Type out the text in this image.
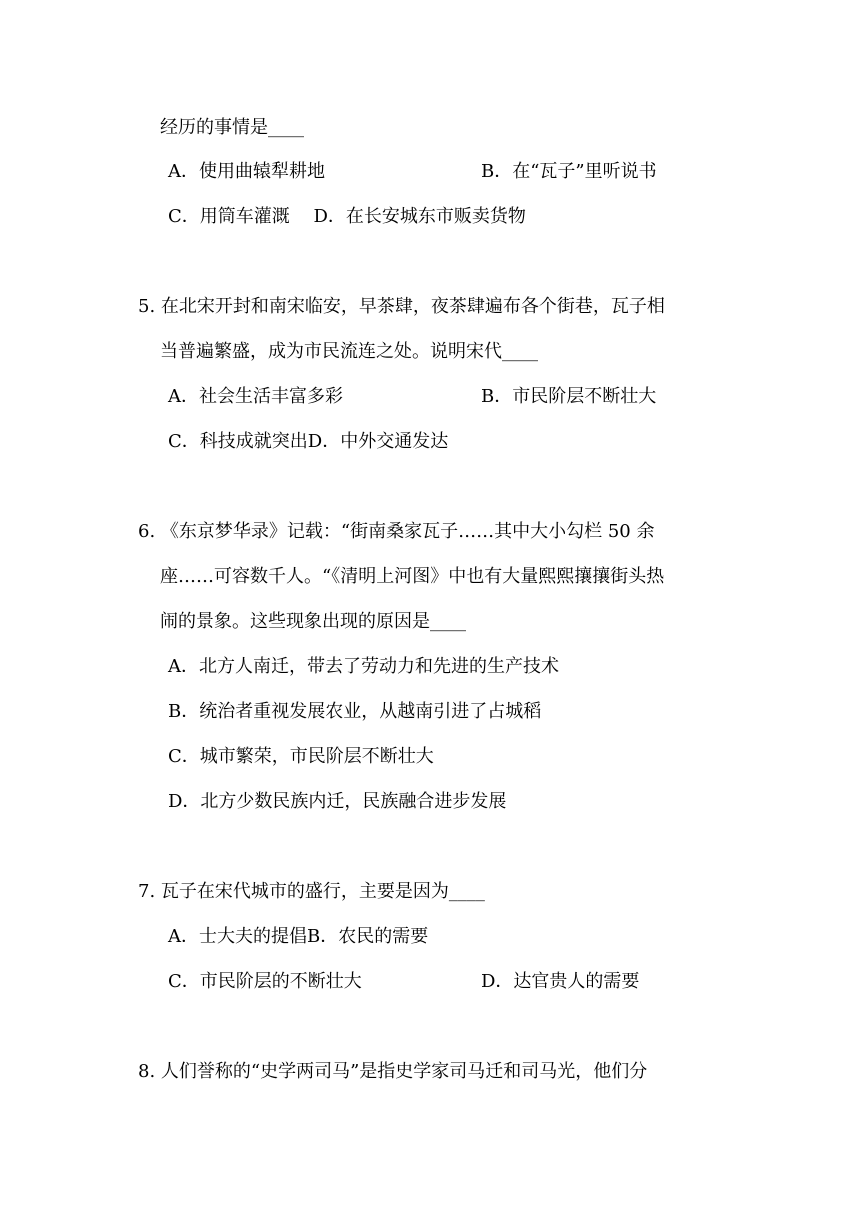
经历的事情是____
A．使用曲辕犁耕地	B．在“瓦子”里听说书
C．用筒车灌溉　 D．在长安城东市贩卖货物
5. 在北宋开封和南宋临安，早茶肆，夜茶肆遍布各个街巷，瓦子相
当普遍繁盛，成为市民流连之处。说明宋代____
A．社会生活丰富多彩	B．市民阶层不断壮大
C．科技成就突出D．中外交通发达
6. 《东京梦华录》记载：“街南桑家瓦子……其中大小勾栏 50 余
座……可容数千人。“《清明上河图》中也有大量熙熙攘攘街头热
闹的景象。这些现象出现的原因是____
A．北方人南迁，带去了劳动力和先进的生产技术
B．统治者重视发展农业，从越南引进了占城稻
C．城市繁荣，市民阶层不断壮大
D．北方少数民族内迁，民族融合进步发展
7. 瓦子在宋代城市的盛行，主要是因为____
A．士大夫的提倡B．农民的需要
C．市民阶层的不断壮大	D．达官贵人的需要
8. 人们誉称的“史学两司马”是指史学家司马迁和司马光，他们分
